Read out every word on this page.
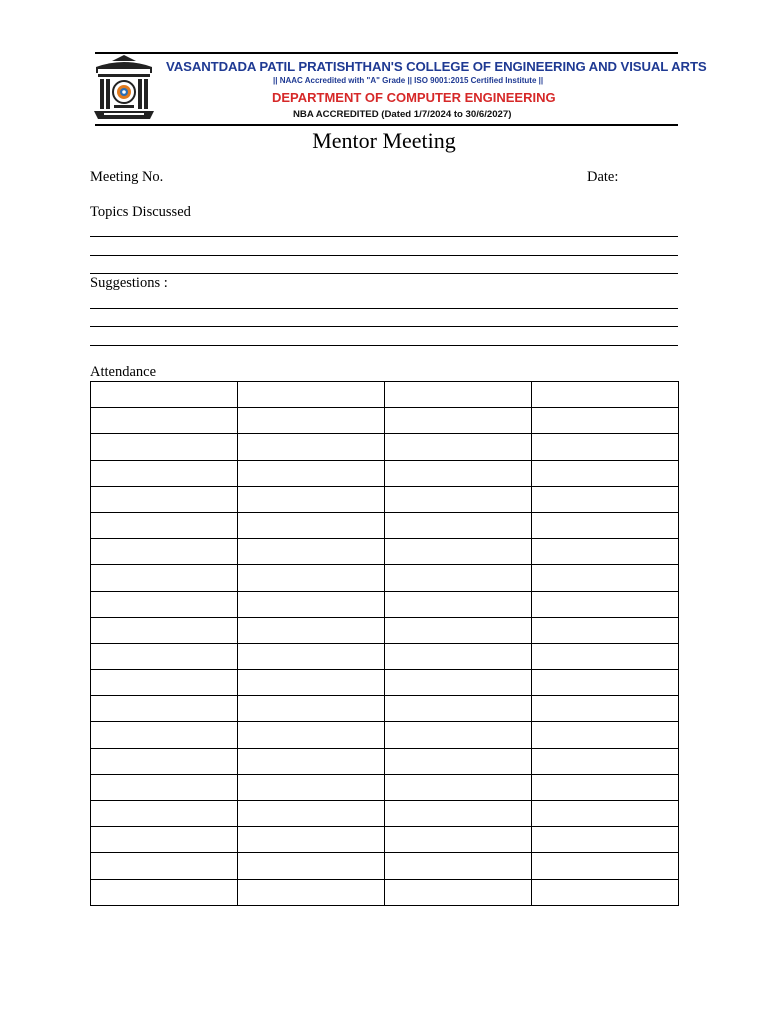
VASANTDADA PATIL PRATISHTHAN'S COLLEGE OF ENGINEERING AND VISUAL ARTS
|| NAAC Accredited with "A" Grade || ISO 9001:2015 Certified Institute ||
DEPARTMENT OF COMPUTER ENGINEERING
NBA ACCREDITED (Dated 1/7/2024 to 30/6/2027)
Mentor Meeting
Meeting No.	Date:
Topics Discussed
Suggestions :
Attendance
